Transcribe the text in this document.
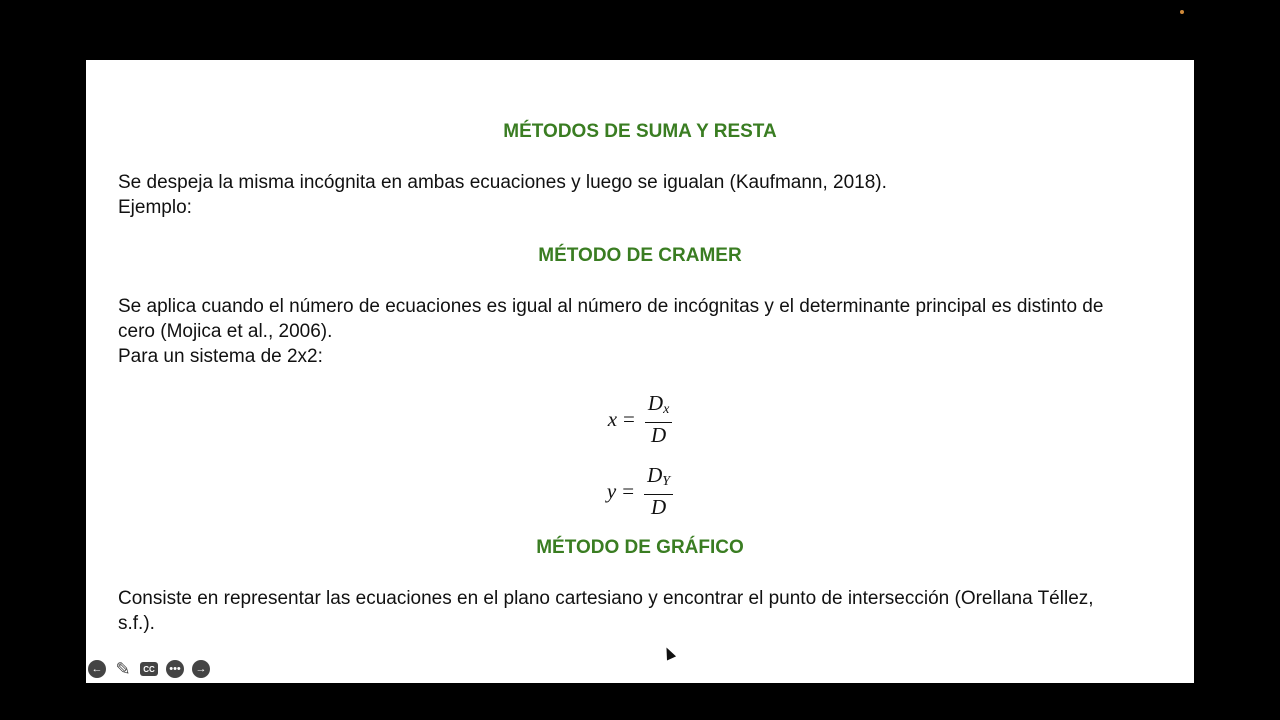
MÉTODOS DE SUMA Y RESTA

Se despeja la misma incógnita en ambas ecuaciones y luego se igualan (Kaufmann, 2018).

Ejemplo:

MÉTODO DE CRAMER

Se aplica cuando el número de ecuaciones es igual al número de incógnitas y el determinante principal es distinto de

cero (Mojica et al., 2006).

Para un sistema de 2x2:

$x = \frac{D_x}{D}$
$y = \frac{D_Y}{D}$
MÉTODO DE GRÁFICO

Consiste en representar las ecuaciones en el plano cartesiano y encontrar el punto de intersección (Orellana Téllez,

s.f.).

← ✎	CC •••	→
